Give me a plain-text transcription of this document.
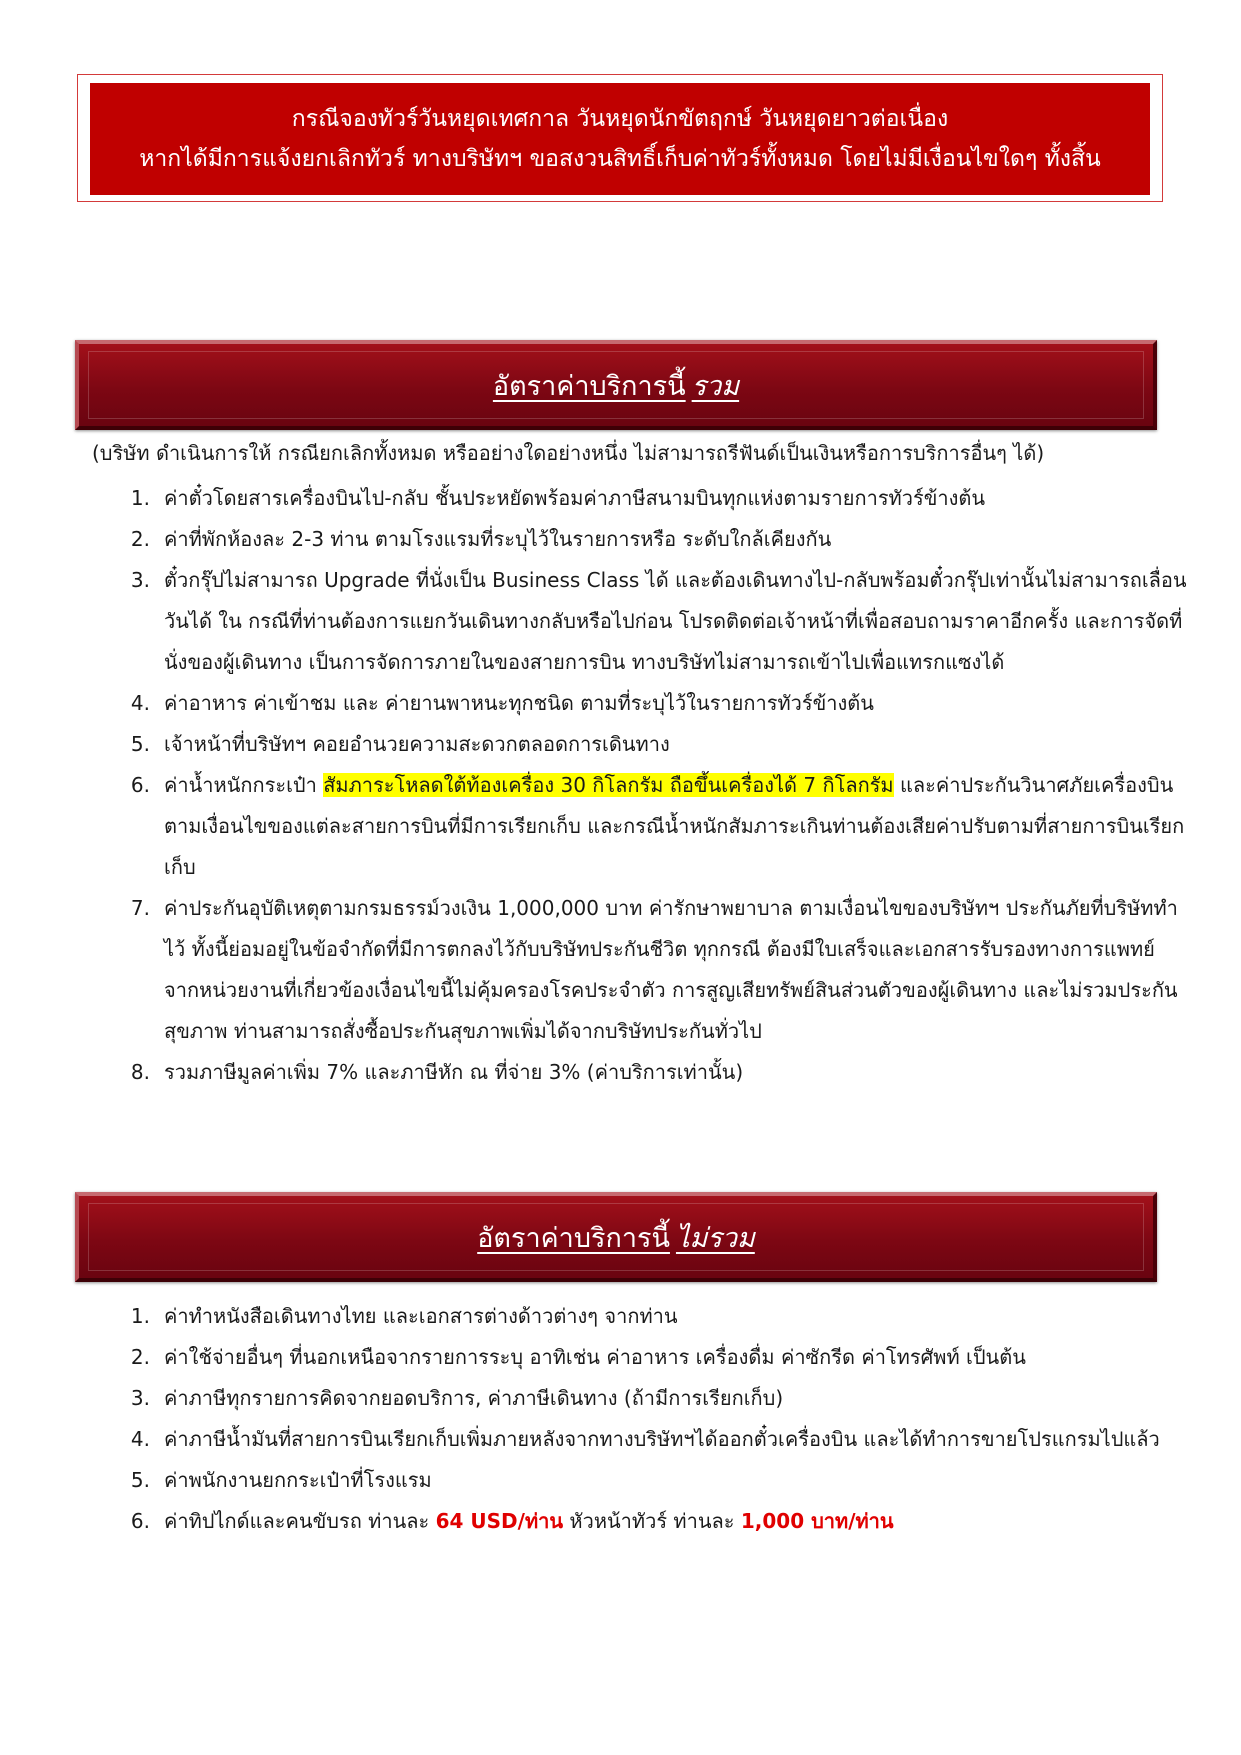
กรณีจองทัวร์วันหยุดเทศกาล วันหยุดนักขัตฤกษ์ วันหยุดยาวต่อเนื่อง
หากได้มีการแจ้งยกเลิกทัวร์ ทางบริษัทฯ ขอสงวนสิทธิ์เก็บค่าทัวร์ทั้งหมด โดยไม่มีเงื่อนไขใดๆ ทั้งสิ้น
อัตราค่าบริการนี้ รวม
(บริษัท ดำเนินการให้ กรณียกเลิกทั้งหมด หรืออย่างใดอย่างหนึ่ง ไม่สามารถรีฟันด์เป็นเงินหรือการบริการอื่นๆ ได้)
1. ค่าตั๋วโดยสารเครื่องบินไป-กลับ ชั้นประหยัดพร้อมค่าภาษีสนามบินทุกแห่งตามรายการทัวร์ข้างต้น
2. ค่าที่พักห้องละ 2-3 ท่าน ตามโรงแรมที่ระบุไว้ในรายการหรือ ระดับใกล้เคียงกัน
3. ตั๋วกรุ๊ปไม่สามารถ Upgrade ที่นั่งเป็น Business Class ได้ และต้องเดินทางไป-กลับพร้อมตั๋วกรุ๊ปเท่านั้นไม่สามารถเลื่อนวันได้ ใน กรณีที่ท่านต้องการแยกวันเดินทางกลับหรือไปก่อน โปรดติดต่อเจ้าหน้าที่เพื่อสอบถามราคาอีกครั้ง และการจัดที่นั่งของผู้เดินทาง เป็นการจัดการภายในของสายการบิน ทางบริษัทไม่สามารถเข้าไปเพื่อแทรกแซงได้
4. ค่าอาหาร ค่าเข้าชม และ ค่ายานพาหนะทุกชนิด ตามที่ระบุไว้ในรายการทัวร์ข้างต้น
5. เจ้าหน้าที่บริษัทฯ คอยอำนวยความสะดวกตลอดการเดินทาง
6. ค่าน้ำหนักกระเป๋า สัมภาระโหลดใต้ท้องเครื่อง 30 กิโลกรัม ถือขึ้นเครื่องได้ 7 กิโลกรัม และค่าประกันวินาศภัยเครื่องบินตามเงื่อนไขของแต่ละสายการบินที่มีการเรียกเก็บ และกรณีน้ำหนักสัมภาระเกินท่านต้องเสียค่าปรับตามที่สายการบินเรียกเก็บ
7. ค่าประกันอุบัติเหตุตามกรมธรรม์วงเงิน 1,000,000 บาท ค่ารักษาพยาบาล ตามเงื่อนไขของบริษัทฯ ประกันภัยที่บริษัททำไว้ ทั้งนี้ย่อมอยู่ในข้อจำกัดที่มีการตกลงไว้กับบริษัทประกันชีวิต ทุกกรณี ต้องมีใบเสร็จและเอกสารรับรองทางการแพทย์ จากหน่วยงานที่เกี่ยวข้องเงื่อนไขนี้ไม่คุ้มครองโรคประจำตัว การสูญเสียทรัพย์สินส่วนตัวของผู้เดินทาง และไม่รวมประกันสุขภาพ ท่านสามารถสั่งซื้อประกันสุขภาพเพิ่มได้จากบริษัทประกันทั่วไป
8. รวมภาษีมูลค่าเพิ่ม 7% และภาษีหัก ณ ที่จ่าย 3% (ค่าบริการเท่านั้น)
อัตราค่าบริการนี้ ไม่รวม
1. ค่าทำหนังสือเดินทางไทย และเอกสารต่างด้าวต่างๆ จากท่าน
2. ค่าใช้จ่ายอื่นๆ ที่นอกเหนือจากรายการระบุ อาทิเช่น ค่าอาหาร เครื่องดื่ม ค่าซักรีด ค่าโทรศัพท์ เป็นต้น
3. ค่าภาษีทุกรายการคิดจากยอดบริการ, ค่าภาษีเดินทาง (ถ้ามีการเรียกเก็บ)
4. ค่าภาษีน้ำมันที่สายการบินเรียกเก็บเพิ่มภายหลังจากทางบริษัทฯได้ออกตั๋วเครื่องบิน และได้ทำการขายโปรแกรมไปแล้ว
5. ค่าพนักงานยกกระเป๋าที่โรงแรม
6. ค่าทิปไกด์และคนขับรถ ท่านละ 64 USD/ท่าน หัวหน้าทัวร์ ท่านละ 1,000 บาท/ท่าน
